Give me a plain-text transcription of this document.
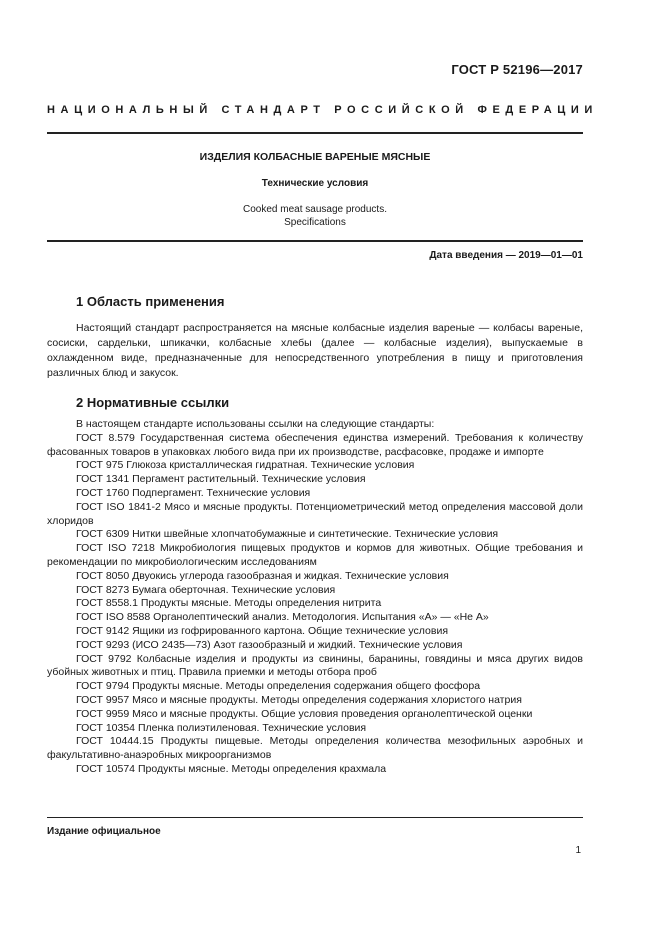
ГОСТ Р 52196—2017
НАЦИОНАЛЬНЫЙ СТАНДАРТ РОССИЙСКОЙ ФЕДЕРАЦИИ
ИЗДЕЛИЯ КОЛБАСНЫЕ ВАРЕНЫЕ МЯСНЫЕ
Технические условия
Cooked meat sausage products.
Specifications
Дата введения — 2019—01—01
1 Область применения

Настоящий стандарт распространяется на мясные колбасные изделия вареные — колбасы вареные, сосиски, сардельки, шпикачки, колбасные хлебы (далее — колбасные изделия), выпускаемые в охлажденном виде, предназначенные для непосредственного употребления в пищу и приготовления различных блюд и закусок.

2 Нормативные ссылки

В настоящем стандарте использованы ссылки на следующие стандарты:

ГОСТ 8.579 Государственная система обеспечения единства измерений. Требования к количеству фасованных товаров в упаковках любого вида при их производстве, расфасовке, продаже и импорте

ГОСТ 975 Глюкоза кристаллическая гидратная. Технические условия

ГОСТ 1341 Пергамент растительный. Технические условия

ГОСТ 1760 Подпергамент. Технические условия

ГОСТ ISO 1841-2 Мясо и мясные продукты. Потенциометрический метод определения массовой доли хлоридов

ГОСТ 6309 Нитки швейные хлопчатобумажные и синтетические. Технические условия

ГОСТ ISO 7218 Микробиология пищевых продуктов и кормов для животных. Общие требования и рекомендации по микробиологическим исследованиям

ГОСТ 8050 Двуокись углерода газообразная и жидкая. Технические условия

ГОСТ 8273 Бумага оберточная. Технические условия

ГОСТ 8558.1 Продукты мясные. Методы определения нитрита

ГОСТ ISO 8588 Органолептический анализ. Методология. Испытания «А» — «Не А»

ГОСТ 9142 Ящики из гофрированного картона. Общие технические условия

ГОСТ 9293 (ИСО 2435—73) Азот газообразный и жидкий. Технические условия

ГОСТ 9792 Колбасные изделия и продукты из свинины, баранины, говядины и мяса других видов убойных животных и птиц. Правила приемки и методы отбора проб

ГОСТ 9794 Продукты мясные. Методы определения содержания общего фосфора

ГОСТ 9957 Мясо и мясные продукты. Методы определения содержания хлористого натрия

ГОСТ 9959 Мясо и мясные продукты. Общие условия проведения органолептической оценки

ГОСТ 10354 Пленка полиэтиленовая. Технические условия

ГОСТ 10444.15 Продукты пищевые. Методы определения количества мезофильных аэробных и факультативно-анаэробных микроорганизмов

ГОСТ 10574 Продукты мясные. Методы определения крахмала

Издание официальное
1
